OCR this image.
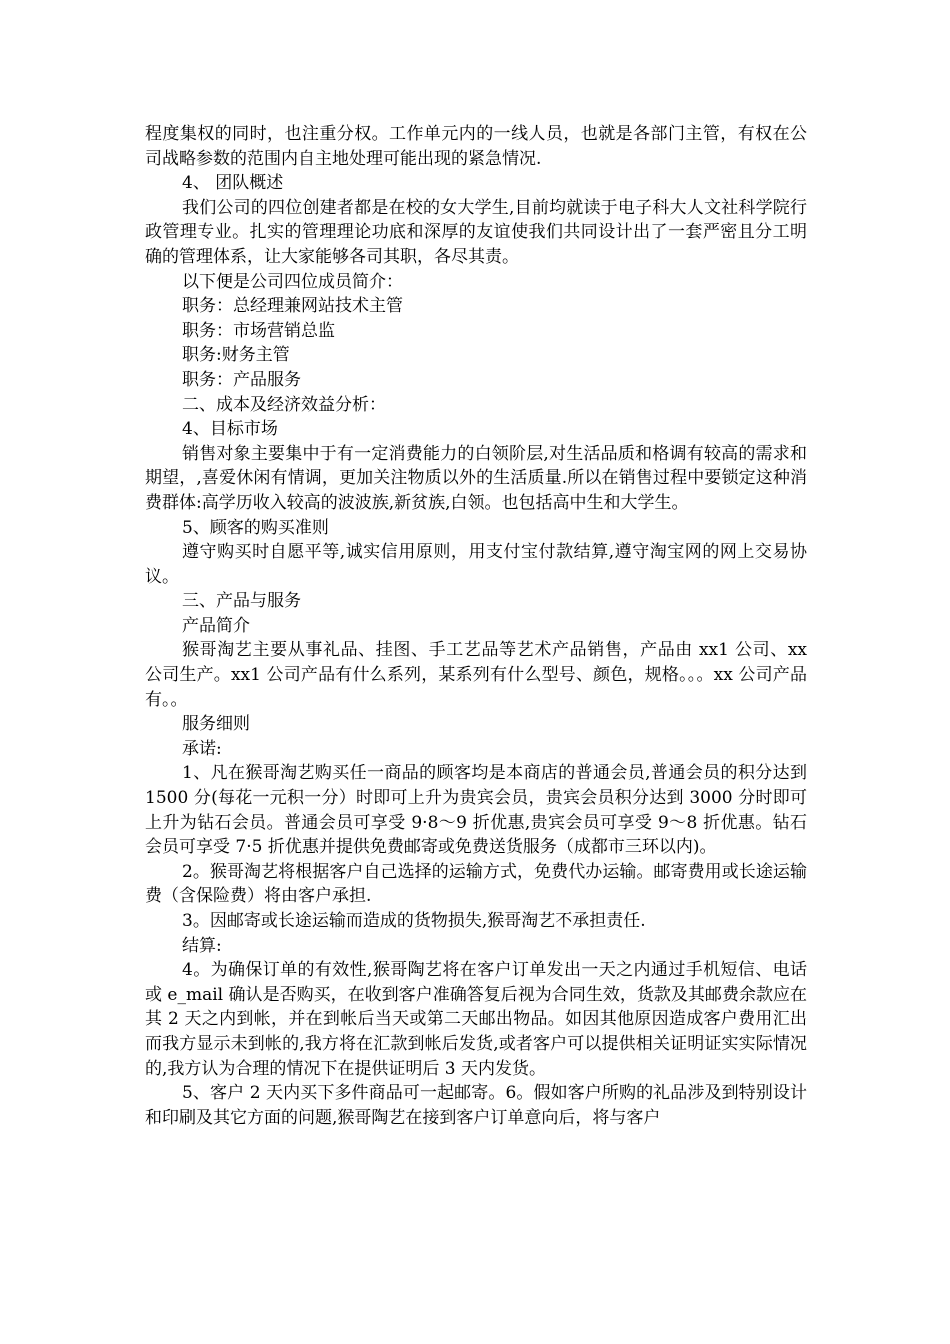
程度集权的同时，也注重分权。工作单元内的一线人员，也就是各部门主管，有权在公司战略参数的范围内自主地处理可能出现的紧急情况.

4、 团队概述

我们公司的四位创建者都是在校的女大学生,目前均就读于电子科大人文社科学院行政管理专业。扎实的管理理论功底和深厚的友谊使我们共同设计出了一套严密且分工明确的管理体系，让大家能够各司其职，各尽其责。

以下便是公司四位成员简介：

职务：总经理兼网站技术主管

职务：市场营销总监

职务:财务主管

职务：产品服务

二、成本及经济效益分析：

4、目标市场

销售对象主要集中于有一定消费能力的白领阶层,对生活品质和格调有较高的需求和期望，,喜爱休闲有情调，更加关注物质以外的生活质量.所以在销售过程中要锁定这种消费群体:高学历收入较高的波波族,新贫族,白领。也包括高中生和大学生。

5、顾客的购买准则

遵守购买时自愿平等,诚实信用原则，用支付宝付款结算,遵守淘宝网的网上交易协议。

三、产品与服务

产品简介

猴哥淘艺主要从事礼品、挂图、手工艺品等艺术产品销售，产品由 xx1 公司、xx 公司生产。xx1 公司产品有什么系列，某系列有什么型号、颜色，规格。。。xx 公司产品有。。

服务细则

承诺:

1、凡在猴哥淘艺购买任一商品的顾客均是本商店的普通会员,普通会员的积分达到 1500 分(每花一元积一分）时即可上升为贵宾会员，贵宾会员积分达到 3000 分时即可上升为钻石会员。普通会员可享受 9·8～9 折优惠,贵宾会员可享受 9～8 折优惠。钻石会员可享受 7·5 折优惠并提供免费邮寄或免费送货服务（成都市三环以内)。

2。猴哥淘艺将根据客户自己选择的运输方式，免费代办运输。邮寄费用或长途运输费（含保险费）将由客户承担.

3。因邮寄或长途运输而造成的货物损失,猴哥淘艺不承担责任.

结算:

4。为确保订单的有效性,猴哥陶艺将在客户订单发出一天之内通过手机短信、电话或 e_mail 确认是否购买，在收到客户准确答复后视为合同生效，货款及其邮费余款应在其 2 天之内到帐，并在到帐后当天或第二天邮出物品。如因其他原因造成客户费用汇出而我方显示未到帐的,我方将在汇款到帐后发货,或者客户可以提供相关证明证实实际情况的,我方认为合理的情况下在提供证明后 3 天内发货。

5、客户 2 天内买下多件商品可一起邮寄。6。假如客户所购的礼品涉及到特别设计和印刷及其它方面的问题,猴哥陶艺在接到客户订单意向后，将与客户
